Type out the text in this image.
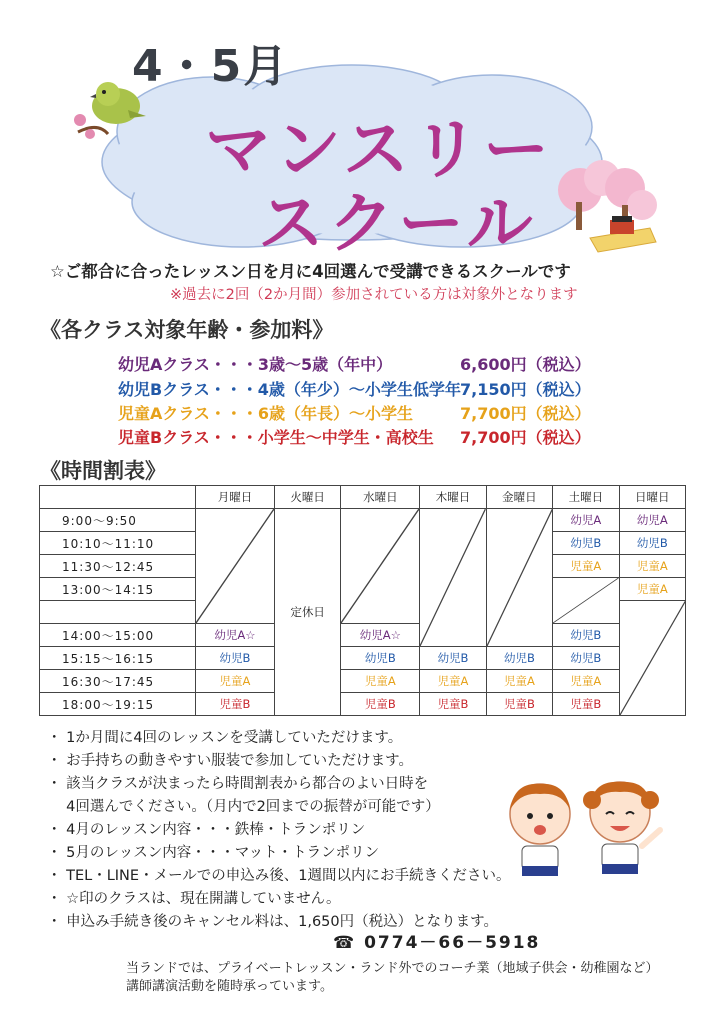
4・5月
マンスリー
スクール
☆ご都合に合ったレッスン日を月に4回選んで受講できるスクールです
※過去に2回（2か月間）参加されている方は対象外となります
《各クラス対象年齢・参加料》
幼児Aクラス・・・3歳～5歳（年中）	6,600円（税込）
幼児Bクラス・・・4歳（年少）～小学生低学年 7,150円（税込）
児童Aクラス・・・6歳（年長）～小学生	7,700円（税込）
児童Bクラス・・・小学生～中学生・高校生 7,700円（税込）
《時間割表》
	月曜日	火曜日	水曜日	木曜日	金曜日	土曜日	日曜日
9:00～9:50		定休日				幼児A	幼児A
10:10～11:10						幼児B	幼児B
11:30～12:45						児童A	児童A
13:00～14:15							児童A

14:00～15:00	幼児A☆		幼児A☆			幼児B	
15:15～16:15	幼児B		幼児B	幼児B	幼児B	幼児B	
16:30～17:45	児童A		児童A	児童A	児童A	児童A	
18:00～19:15	児童B		児童B	児童B	児童B	児童B	
・ 1か月間に4回のレッスンを受講していただけます。
・ お手持ちの動きやすい服装で参加していただけます。
・ 該当クラスが決まったら時間割表から都合のよい日時を
　 4回選んでください。（月内で2回までの振替が可能です）
・ 4月のレッスン内容・・・鉄棒・トランポリン
・ 5月のレッスン内容・・・マット・トランポリン
・ TEL・LINE・メールでの申込み後、1週間以内にお手続きください。
・ ☆印のクラスは、現在開講していません。
・ 申込み手続き後のキャンセル料は、1,650円（税込）となります。
☎ 0774－66－5918
当ランドでは、プライベートレッスン・ランド外でのコーチ業（地域子供会・幼稚園など）
講師講演活動を随時承っています。
